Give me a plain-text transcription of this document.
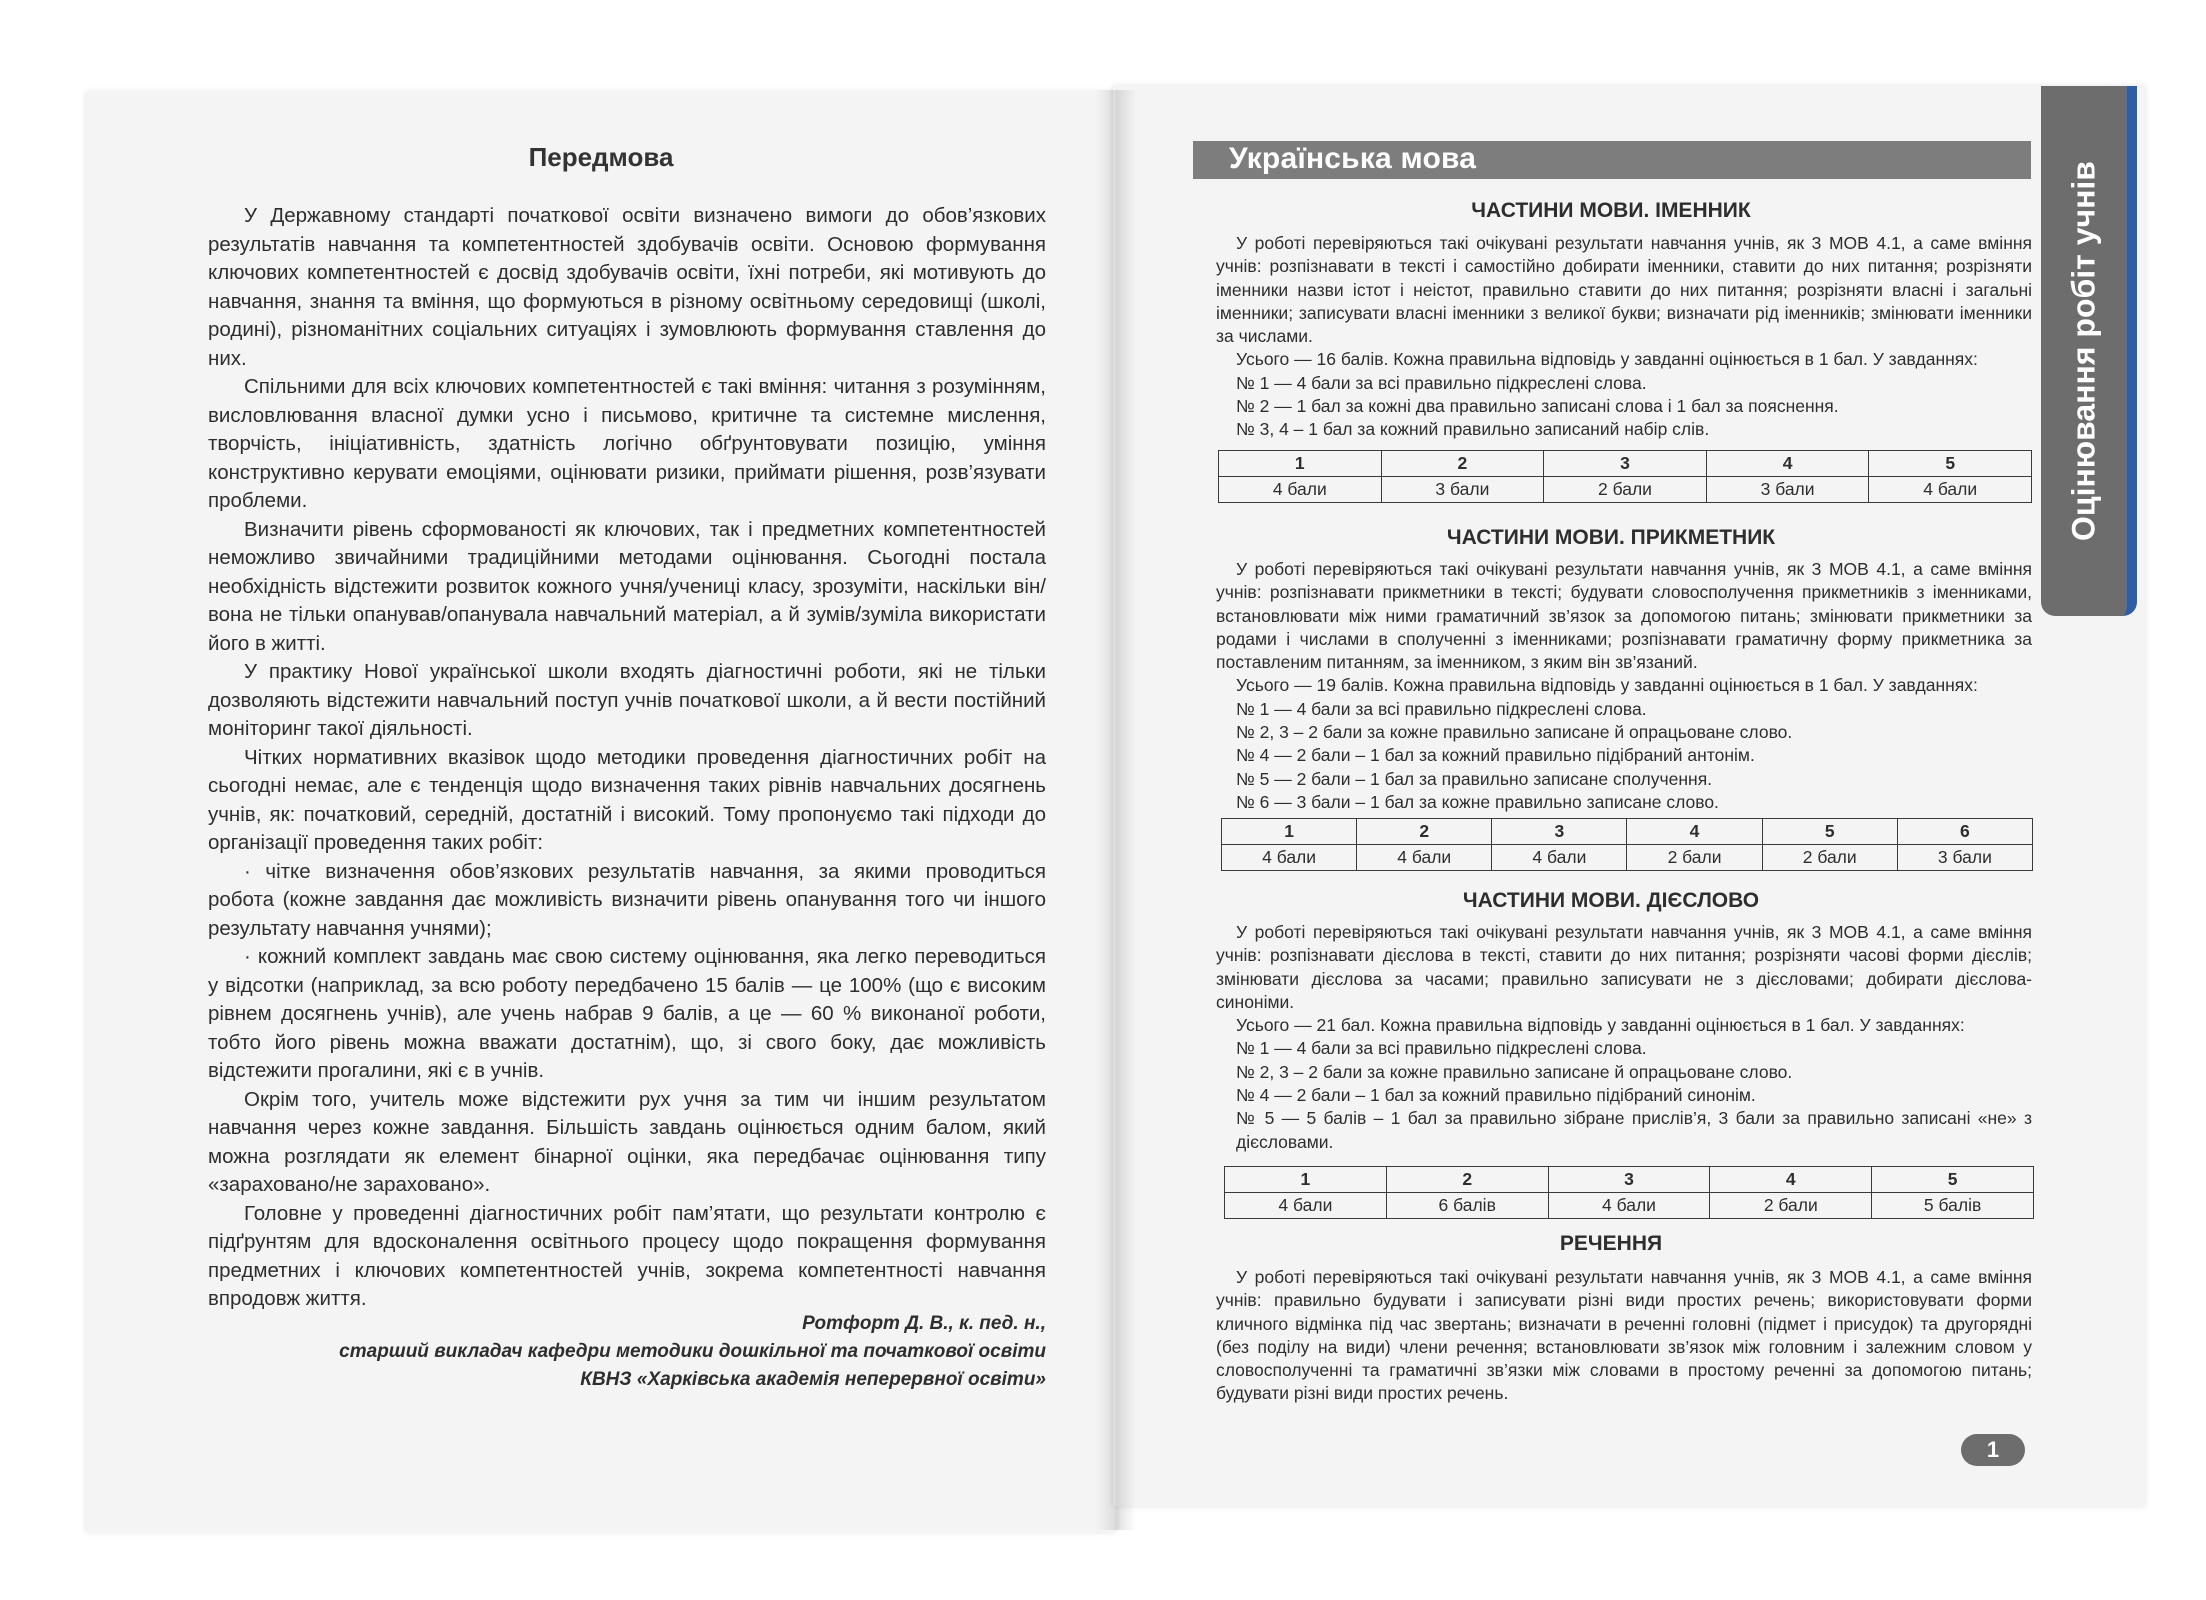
Передмова

У Державному стандарті початкової освіти визначено вимоги до обов’язкових результатів навчання та компетентностей здобувачів освіти. Основою формування ключових компетентностей є досвід здобувачів освіти, їхні потреби, які мотивують до навчання, знання та вміння, що формуються в різному освітньому середовищі (школі, родині), різноманітних соціальних ситуаціях і зумовлюють формування ставлення до них.

Спільними для всіх ключових компетентностей є такі вміння: читання з розумінням, висловлювання власної думки усно і письмово, критичне та системне мислення, творчість, ініціативність, здатність логічно обґрунтовувати позицію, уміння конструктивно керувати емоціями, оцінювати ризики, приймати рішення, розв’язувати проблеми.

Визначити рівень сформованості як ключових, так і предметних компетентностей неможливо звичайними традиційними методами оцінювання. Сьогодні постала необхідність відстежити розвиток кожного учня/учениці класу, зрозуміти, наскільки він/вона не тільки опанував/опанувала навчальний матеріал, а й зумів/зуміла використати його в житті.

У практику Нової української школи входять діагностичні роботи, які не тільки дозволяють відстежити навчальний поступ учнів початкової школи, а й вести постійний моніторинг такої діяльності.

Чітких нормативних вказівок щодо методики проведення діагностичних робіт на сьогодні немає, але є тенденція щодо визначення таких рівнів навчальних досягнень учнів, як: початковий, середній, достатній і високий. Тому пропонуємо такі підходи до організації проведення таких робіт:

· чітке визначення обов’язкових результатів навчання, за якими проводиться робота (кожне завдання дає можливість визначити рівень опанування того чи іншого результату навчання учнями);

· кожний комплект завдань має свою систему оцінювання, яка легко переводиться у відсотки (наприклад, за всю роботу передбачено 15 балів — це 100% (що є високим рівнем досягнень учнів), але учень набрав 9 балів, а це — 60 % виконаної роботи, тобто його рівень можна вважати достатнім), що, зі свого боку, дає можливість відстежити прогалини, які є в учнів.

Окрім того, учитель може відстежити рух учня за тим чи іншим результатом навчання через кожне завдання. Більшість завдань оцінюється одним балом, який можна розглядати як елемент бінарної оцінки, яка передбачає оцінювання типу «зараховано/не зараховано».

Головне у проведенні діагностичних робіт пам’ятати, що результати контролю є підґрунтям для вдосконалення освітнього процесу щодо покращення формування предметних і ключових компетентностей учнів, зокрема компетентності навчання впродовж життя.

Ротфорт Д. В., к. пед. н.,
старший викладач кафедри методики дошкільної та початкової освіти
КВНЗ «Харківська академія неперервної освіти»
Українська мова
Оцінювання робіт учнів
ЧАСТИНИ МОВИ. ІМЕННИК

У роботі перевіряються такі очікувані результати навчання учнів, як 3 МОВ 4.1, а саме вміння учнів: розпізнавати в тексті і самостійно добирати іменники, ставити до них питання; розрізняти іменники назви істот і неістот, правильно ставити до них питання; розрізняти власні і загальні іменники; записувати власні іменники з великої букви; визначати рід іменників; змінювати іменники за числами.

Усього — 16 балів. Кожна правильна відповідь у завданні оцінюється в 1 бал. У завданнях:

№ 1 — 4 бали за всі правильно підкреслені слова.

№ 2 — 1 бал за кожні два правильно записані слова і 1 бал за пояснення.

№ 3, 4 – 1 бал за кожний правильно записаний набір слів.

1	2	3	4	5
4 бали	3 бали	2 бали	3 бали	4 бали
ЧАСТИНИ МОВИ. ПРИКМЕТНИК

У роботі перевіряються такі очікувані результати навчання учнів, як 3 МОВ 4.1, а саме вміння учнів: розпізнавати прикметники в тексті; будувати словосполучення прикметників з іменниками, встановлювати між ними граматичний зв’язок за допомогою питань; змінювати прикметники за родами і числами в сполученні з іменниками; розпізнавати граматичну форму прикметника за поставленим питанням, за іменником, з яким він зв’язаний.

Усього — 19 балів. Кожна правильна відповідь у завданні оцінюється в 1 бал. У завданнях:

№ 1 — 4 бали за всі правильно підкреслені слова.

№ 2, 3 – 2 бали за кожне правильно записане й опрацьоване слово.

№ 4 — 2 бали – 1 бал за кожний правильно підібраний антонім.

№ 5 — 2 бали – 1 бал за правильно записане сполучення.

№ 6 — 3 бали – 1 бал за кожне правильно записане слово.

1	2	3	4	5	6
4 бали	4 бали	4 бали	2 бали	2 бали	3 бали
ЧАСТИНИ МОВИ. ДІЄСЛОВО

У роботі перевіряються такі очікувані результати навчання учнів, як 3 МОВ 4.1, а саме вміння учнів: розпізнавати дієслова в тексті, ставити до них питання; розрізняти часові форми дієслів; змінювати дієслова за часами; правильно записувати не з дієсловами; добирати дієслова-синоніми.

Усього — 21 бал. Кожна правильна відповідь у завданні оцінюється в 1 бал. У завданнях:

№ 1 — 4 бали за всі правильно підкреслені слова.

№ 2, 3 – 2 бали за кожне правильно записане й опрацьоване слово.

№ 4 — 2 бали – 1 бал за кожний правильно підібраний синонім.

№ 5 — 5 балів – 1 бал за правильно зібране прислів’я, 3 бали за правильно записані «не» з дієсловами.

1	2	3	4	5
4 бали	6 балів	4 бали	2 бали	5 балів
РЕЧЕННЯ

У роботі перевіряються такі очікувані результати навчання учнів, як 3 МОВ 4.1, а саме вміння учнів: правильно будувати і записувати різні види простих речень; використовувати форми кличного відмінка під час звертань; визначати в реченні головні (підмет і присудок) та другорядні (без поділу на види) члени речення; встановлювати зв’язок між головним і залежним словом у словосполученні та граматичні зв’язки між словами в простому реченні за допомогою питань; будувати різні види простих речень.

1
